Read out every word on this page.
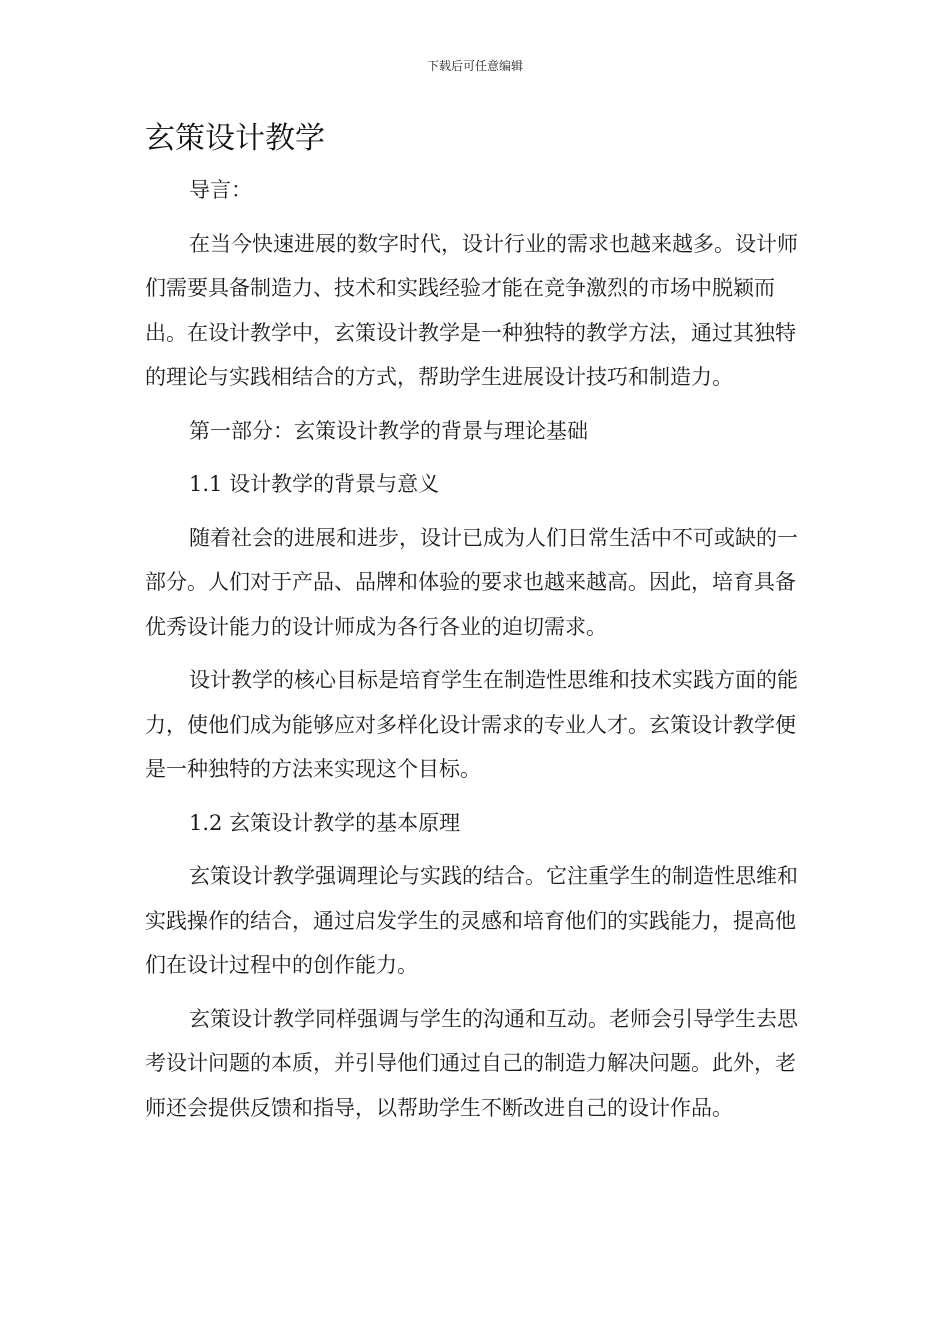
下载后可任意编辑
玄策设计教学

导言：

在当今快速进展的数字时代，设计行业的需求也越来越多。设计师们需要具备制造力、技术和实践经验才能在竞争激烈的市场中脱颖而出。在设计教学中，玄策设计教学是一种独特的教学方法，通过其独特的理论与实践相结合的方式，帮助学生进展设计技巧和制造力。

第一部分：玄策设计教学的背景与理论基础

1.1 设计教学的背景与意义

随着社会的进展和进步，设计已成为人们日常生活中不可或缺的一部分。人们对于产品、品牌和体验的要求也越来越高。因此，培育具备优秀设计能力的设计师成为各行各业的迫切需求。

设计教学的核心目标是培育学生在制造性思维和技术实践方面的能力，使他们成为能够应对多样化设计需求的专业人才。玄策设计教学便是一种独特的方法来实现这个目标。

1.2 玄策设计教学的基本原理

玄策设计教学强调理论与实践的结合。它注重学生的制造性思维和实践操作的结合，通过启发学生的灵感和培育他们的实践能力，提高他们在设计过程中的创作能力。

玄策设计教学同样强调与学生的沟通和互动。老师会引导学生去思考设计问题的本质，并引导他们通过自己的制造力解决问题。此外，老师还会提供反馈和指导，以帮助学生不断改进自己的设计作品。
